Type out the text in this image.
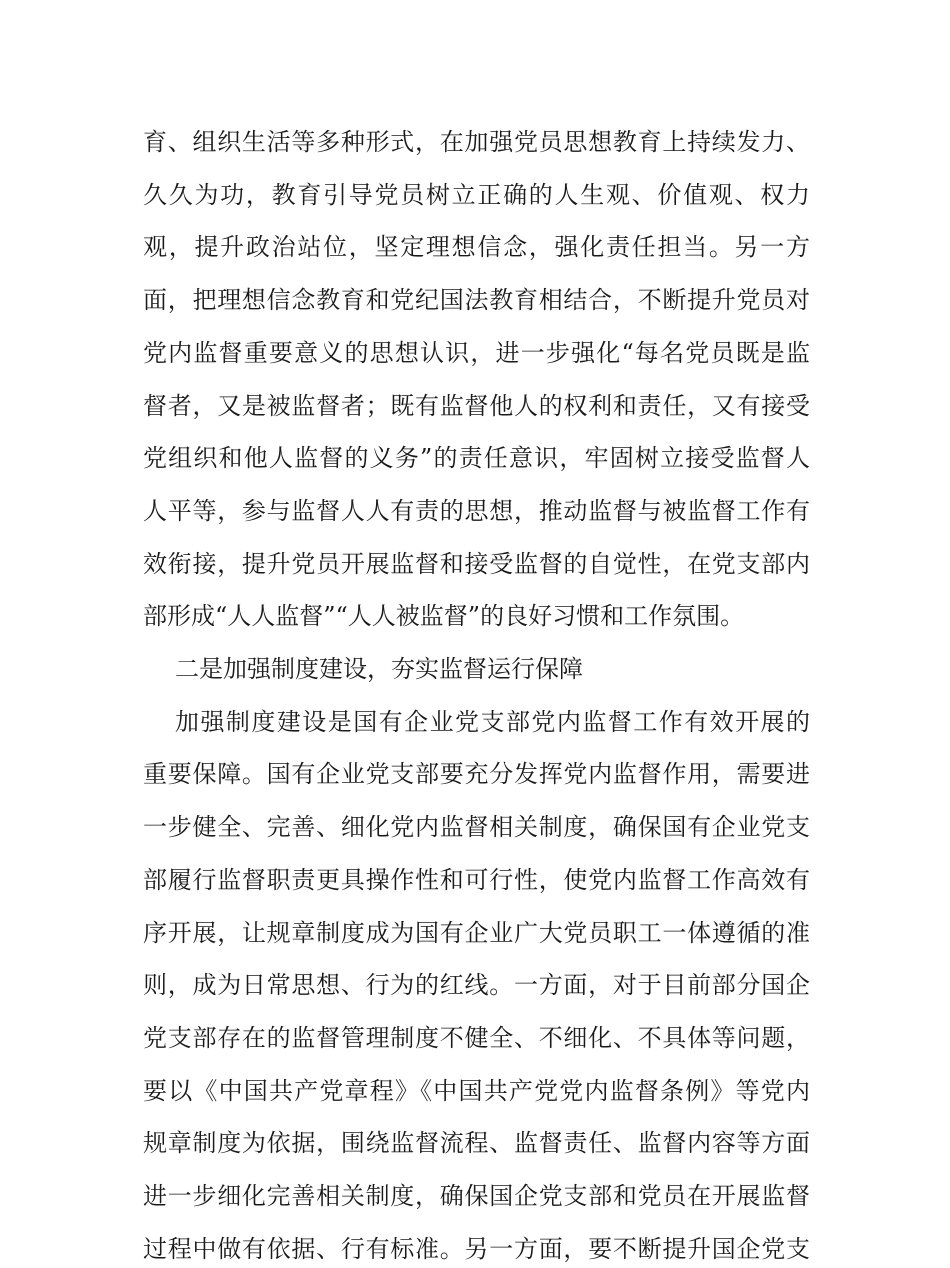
育、组织生活等多种形式，在加强党员思想教育上持续发力、
久久为功，教育引导党员树立正确的人生观、价值观、权力
观，提升政治站位，坚定理想信念，强化责任担当。另一方
面，把理想信念教育和党纪国法教育相结合，不断提升党员对
党内监督重要意义的思想认识，进一步强化“每名党员既是监
督者，又是被监督者；既有监督他人的权利和责任，又有接受
党组织和他人监督的义务”的责任意识，牢固树立接受监督人
人平等，参与监督人人有责的思想，推动监督与被监督工作有
效衔接，提升党员开展监督和接受监督的自觉性，在党支部内
部形成“人人监督”“人人被监督”的良好习惯和工作氛围。
二是加强制度建设，夯实监督运行保障
加强制度建设是国有企业党支部党内监督工作有效开展的
重要保障。国有企业党支部要充分发挥党内监督作用，需要进
一步健全、完善、细化党内监督相关制度，确保国有企业党支
部履行监督职责更具操作性和可行性，使党内监督工作高效有
序开展，让规章制度成为国有企业广大党员职工一体遵循的准
则，成为日常思想、行为的红线。一方面，对于目前部分国企
党支部存在的监督管理制度不健全、不细化、不具体等问题，
要以《中国共产党章程》《中国共产党党内监督条例》等党内
规章制度为依据，围绕监督流程、监督责任、监督内容等方面
进一步细化完善相关制度，确保国企党支部和党员在开展监督
过程中做有依据、行有标准。另一方面，要不断提升国企党支
